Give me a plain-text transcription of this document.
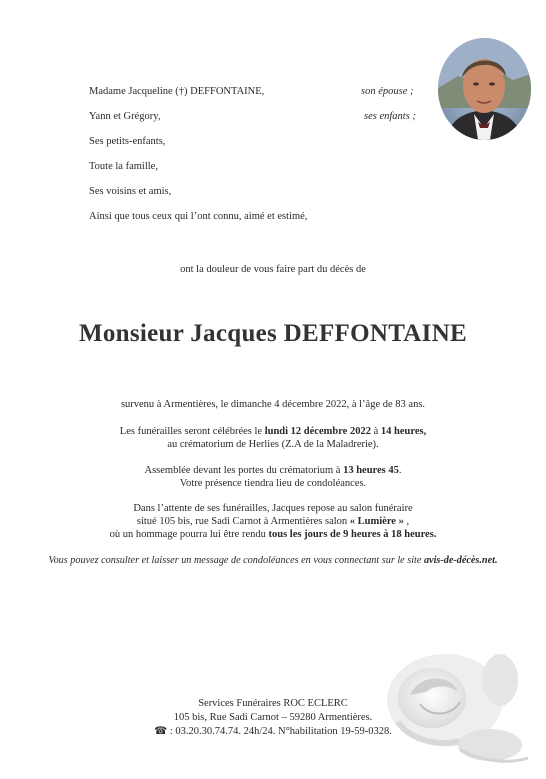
Madame Jacqueline (†) DEFFONTAINE,	son épouse ;
Yann et Grégory,	ses enfants ;
Ses petits-enfants,
Toute la famille,
Ses voisins et amis,
Ainsi que tous ceux qui l’ont connu, aimé et estimé,
ont la douleur de vous faire part du décès de
Monsieur Jacques DEFFONTAINE
survenu à Armentières, le dimanche 4 décembre 2022, à l’âge de 83 ans.
Les funérailles seront célébrées le lundi 12 décembre 2022 à 14 heures,
au crématorium de Herlies (Z.A de la Maladrerie).
Assemblée devant les portes du crématorium à 13 heures 45.
Votre présence tiendra lieu de condoléances.
Dans l’attente de ses funérailles, Jacques repose au salon funéraire
situé 105 bis, rue Sadi Carnot à Armentières salon « Lumière » ,
où un hommage pourra lui être rendu tous les jours de 9 heures à 18 heures.
Vous pouvez consulter et laisser un message de condoléances en vous connectant sur le site avis-de-décès.net.
Services Funéraires ROC ECLERC
105 bis, Rue Sadi Carnot – 59280 Armentières.
☎ : 03.20.30.74.74. 24h/24. N°habilitation 19-59-0328.
